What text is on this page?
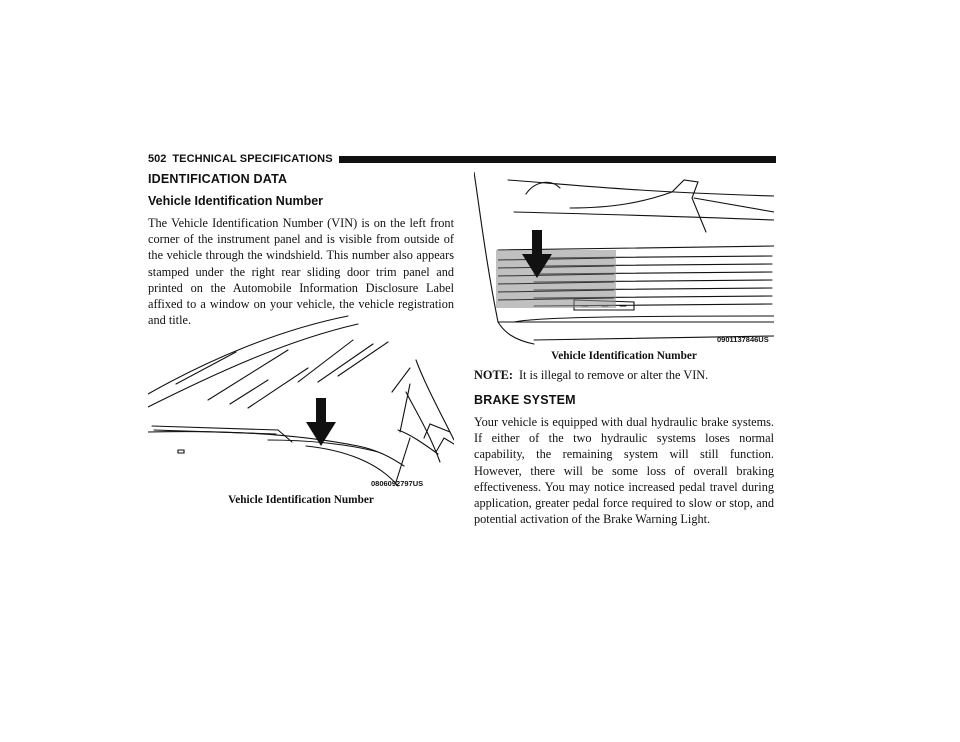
502 TECHNICAL SPECIFICATIONS
IDENTIFICATION DATA
Vehicle Identification Number

The Vehicle Identification Number (VIN) is on the left front corner of the instrument panel and is visible from outside of the vehicle through the windshield. This number also appears stamped under the right rear sliding door trim panel and printed on the Automobile Information Disclosure Label affixed to a window on your vehicle, the vehicle registration and title.

0806092797US
Vehicle Identification Number
0901137846US
Vehicle Identification Number
NOTE: It is illegal to remove or alter the VIN.
BRAKE SYSTEM

Your vehicle is equipped with dual hydraulic brake systems. If either of the two hydraulic systems loses normal capability, the remaining system will still function. However, there will be some loss of overall braking effectiveness. You may notice increased pedal travel during application, greater pedal force required to slow or stop, and potential activation of the Brake Warning Light.
